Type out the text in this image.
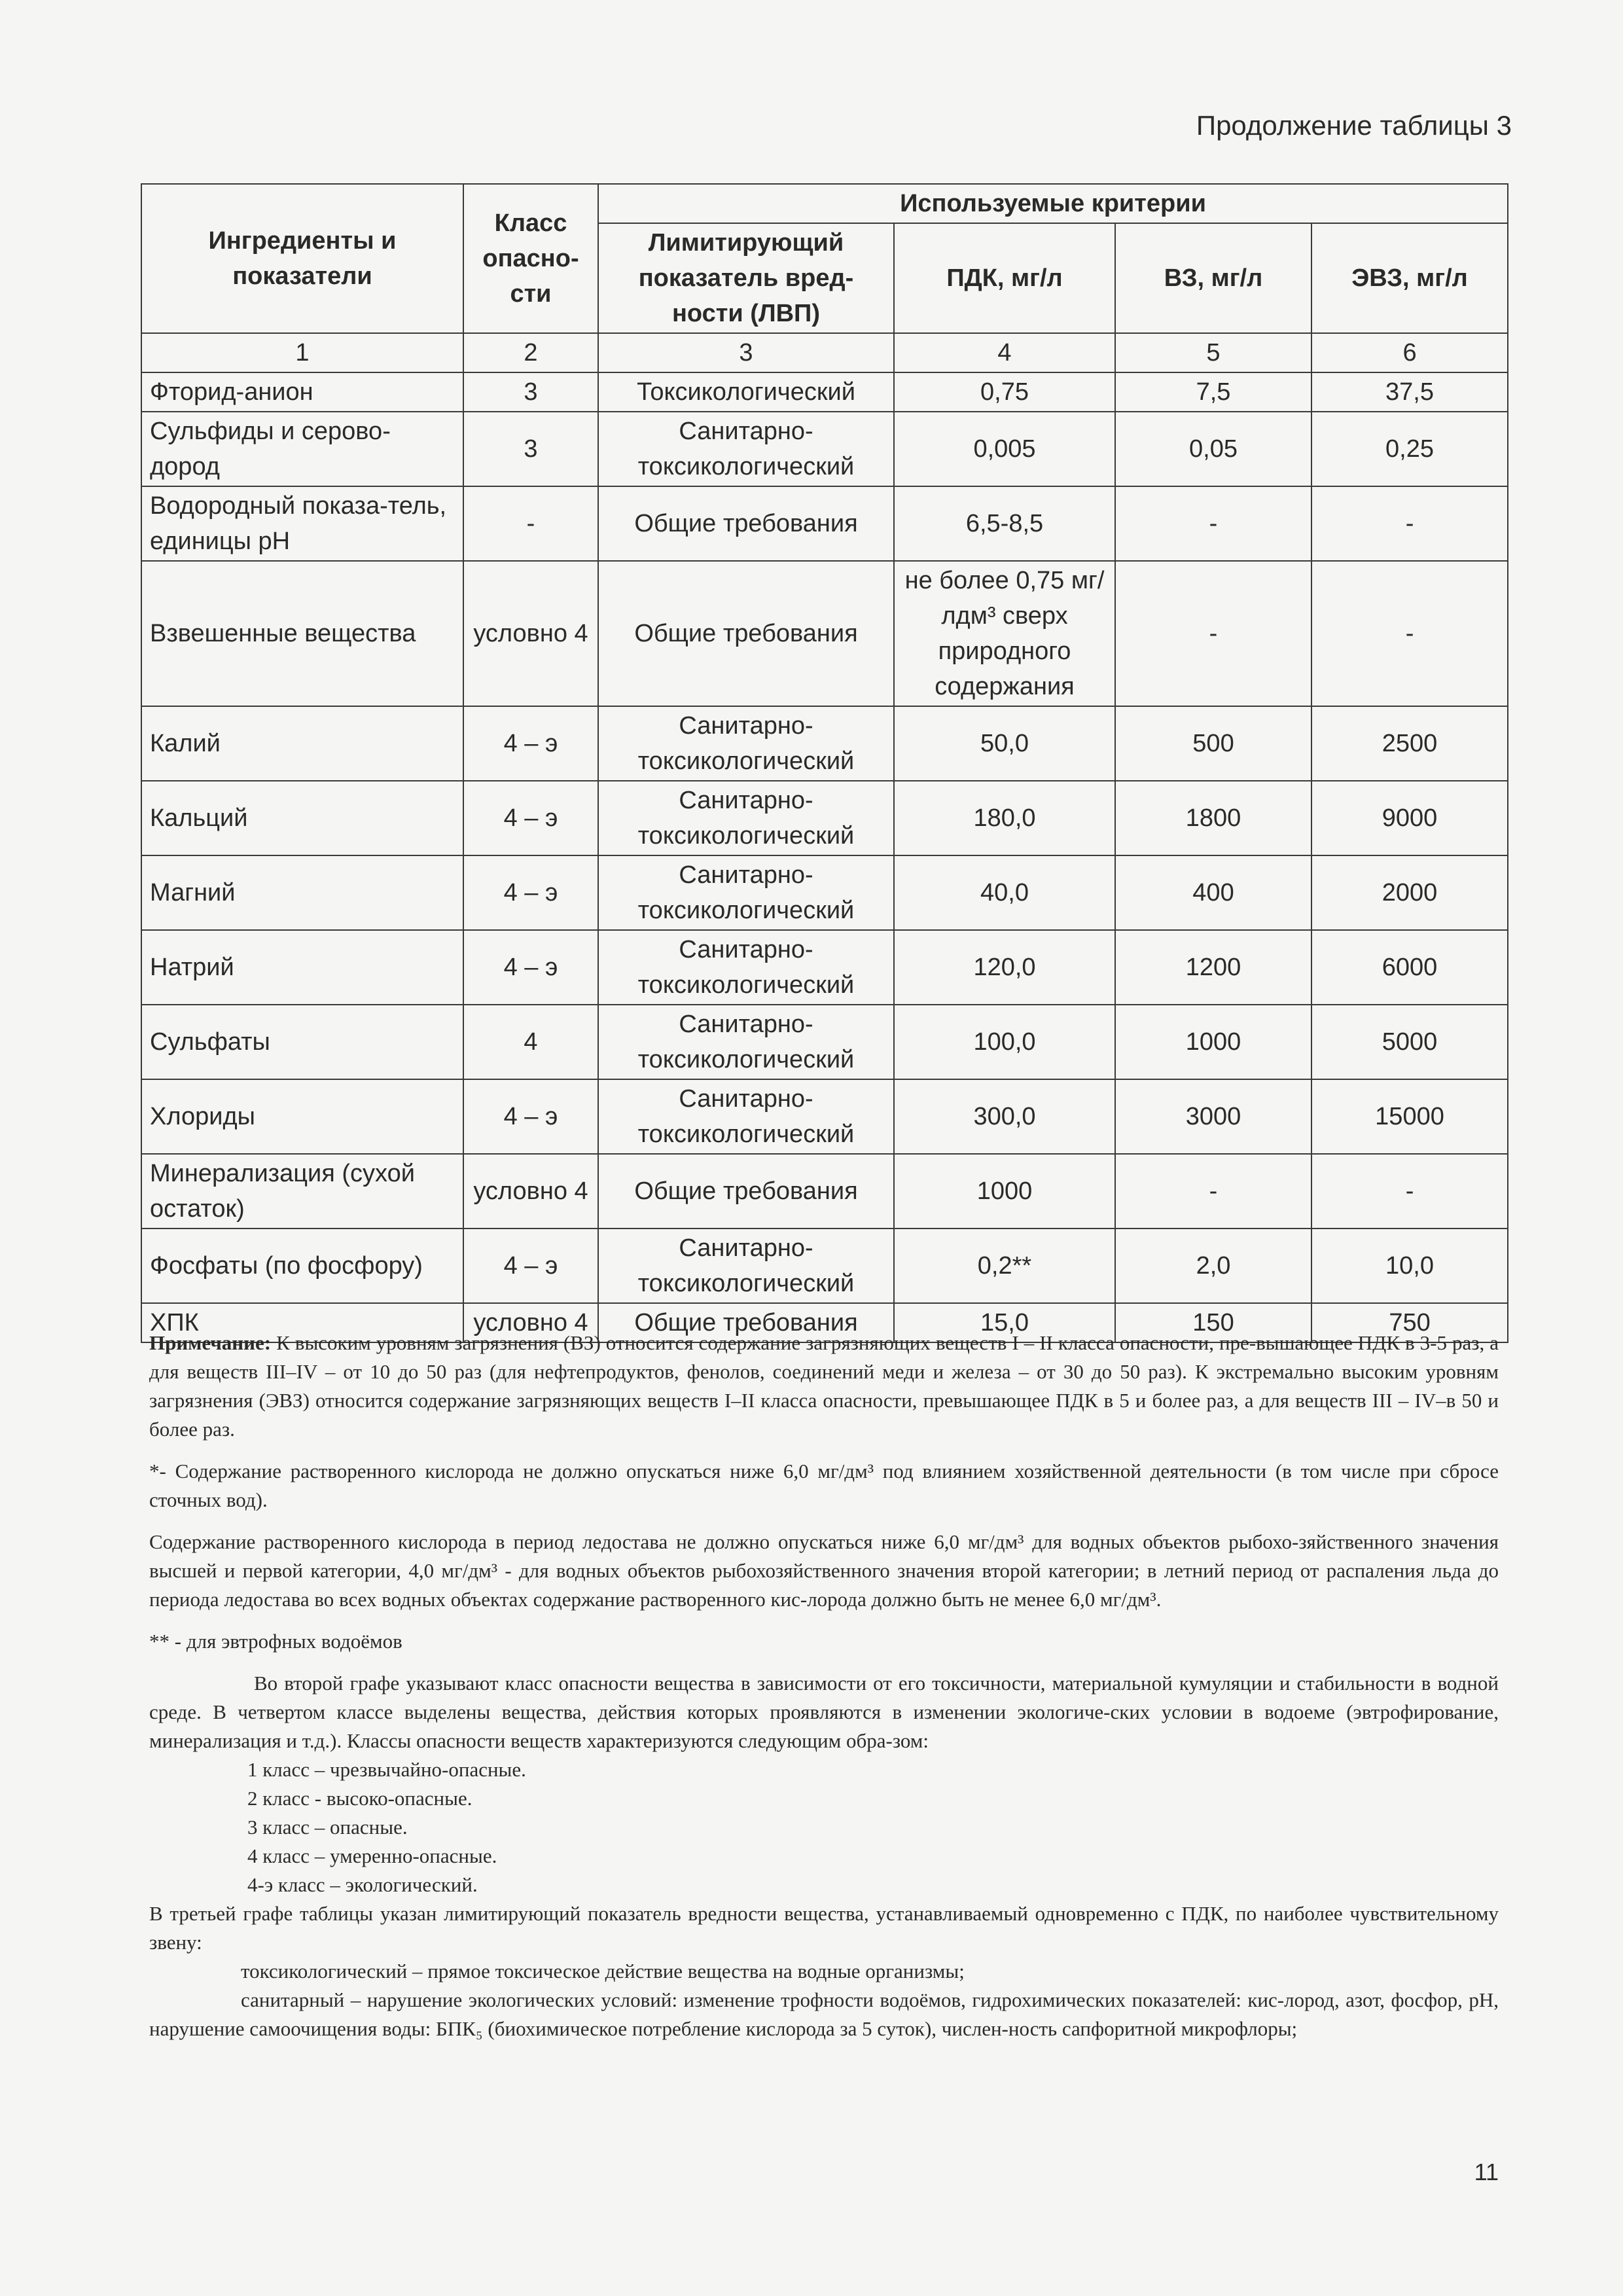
Продолжение таблицы 3
Ингредиенты и показатели	Класс опасно-сти	Используемые критерии			
		Лимитирующий показатель вред-ности (ЛВП)	ПДК, мг/л	ВЗ, мг/л	ЭВЗ, мг/л
1	2	3	4	5	6
Фторид-анион	3	Токсикологический	0,75	7,5	37,5
Сульфиды и серово-дород	3	Санитарно-токсикологический	0,005	0,05	0,25
Водородный показа-тель, единицы pH	-	Общие требования	6,5-8,5	-	-
Взвешенные вещества	условно 4	Общие требования	не более 0,75 мг/лдм³ сверх природного содержания	-	-
Калий	4 – э	Санитарно-токсикологический	50,0	500	2500
Кальций	4 – э	Санитарно-токсикологический	180,0	1800	9000
Магний	4 – э	Санитарно-токсикологический	40,0	400	2000
Натрий	4 – э	Санитарно-токсикологический	120,0	1200	6000
Сульфаты	4	Санитарно-токсикологический	100,0	1000	5000
Хлориды	4 – э	Санитарно-токсикологический	300,0	3000	15000
Минерализация (сухой остаток)	условно 4	Общие требования	1000	-	-
Фосфаты (по фосфору)	4 – э	Санитарно-токсикологический	0,2**	2,0	10,0
ХПК	условно 4	Общие требования	15,0	150	750

Примечание: К высоким уровням загрязнения (ВЗ) относится содержание загрязняющих веществ I – II класса опасности, пре-вышающее ПДК в 3-5 раз, а для веществ III–IV – от 10 до 50 раз (для нефтепродуктов, фенолов, соединений меди и железа – от 30 до 50 раз). К экстремально высоким уровням загрязнения (ЭВЗ) относится содержание загрязняющих веществ I–II класса опасности, превышающее ПДК в 5 и более раз, а для веществ III – IV–в 50 и более раз.

*- Содержание растворенного кислорода не должно опускаться ниже 6,0 мг/дм³ под влиянием хозяйственной деятельности (в том числе при сбросе сточных вод).

Содержание растворенного кислорода в период ледостава не должно опускаться ниже 6,0 мг/дм³ для водных объектов рыбохо-зяйственного значения высшей и первой категории, 4,0 мг/дм³ - для водных объектов рыбохозяйственного значения второй категории; в летний период от распаления льда до периода ледостава во всех водных объектах содержание растворенного кис-лорода должно быть не менее 6,0 мг/дм³.

** - для эвтрофных водоёмов

Во второй графе указывают класс опасности вещества в зависимости от его токсичности, материальной кумуляции и стабильности в водной среде. В четвертом классе выделены вещества, действия которых проявляются в изменении экологиче-ских условии в водоеме (эвтрофирование, минерализация и т.д.). Классы опасности веществ характеризуются следующим обра-зом:

1 класс – чрезвычайно-опасные.
2 класс - высоко-опасные.
3 класс – опасные.
4 класс – умеренно-опасные.
4-э класс – экологический.

В третьей графе таблицы указан лимитирующий показатель вредности вещества, устанавливаемый одновременно с ПДК, по наиболее чувствительному звену:

токсикологический – прямое токсическое действие вещества на водные организмы;

санитарный – нарушение экологических условий: изменение трофности водоёмов, гидрохимических показателей: кис-лород, азот, фосфор, pH, нарушение самоочищения воды: БПК₅ (биохимическое потребление кислорода за 5 суток), числен-ность сапфоритной микрофлоры;

11
